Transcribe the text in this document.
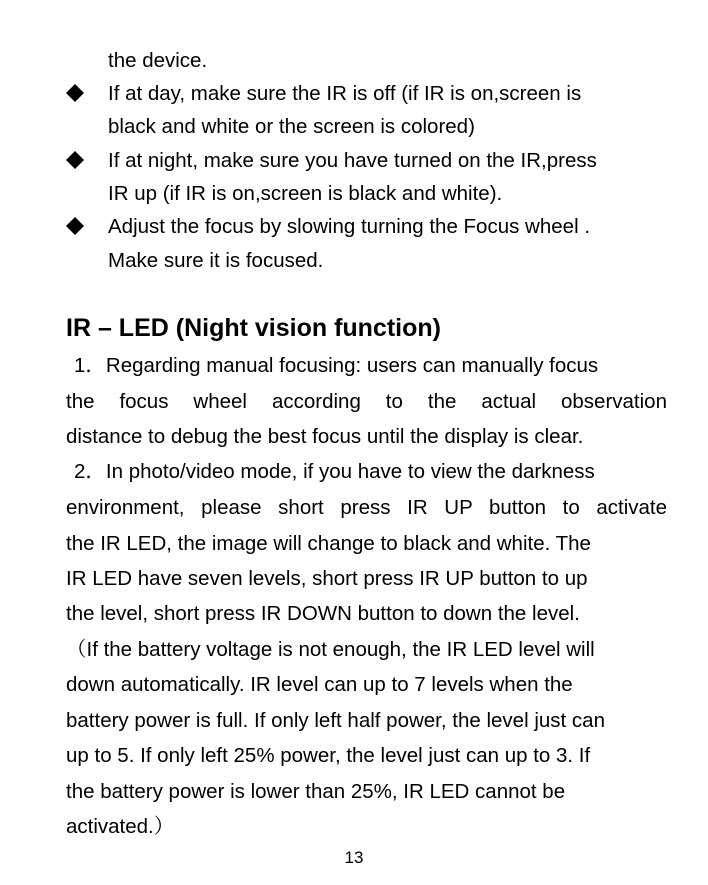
the device.
If at day, make sure the IR is off (if IR is on,screen is
black and white or the screen is colored)
If at night, make sure you have turned on the IR,press
IR up (if IR is on,screen is black and white).
Adjust the focus by slowing turning the Focus wheel .
Make sure it is focused.
IR – LED (Night vision function)
1．Regarding manual focusing: users can manually focus
the focus wheel according to the actual observation
distance to debug the best focus until the display is clear.
2．In photo/video mode, if you have to view the darkness
environment, please short press IR UP button to activate
the IR LED, the image will change to black and white. The
IR LED have seven levels, short press IR UP button to up
the level, short press IR DOWN button to down the level.
（If the battery voltage is not enough, the IR LED level will
down automatically. IR level can up to 7 levels when the
battery power is full. If only left half power, the level just can
up to 5. If only left 25% power, the level just can up to 3. If
the battery power is lower than 25%, IR LED cannot be
activated.）
13
